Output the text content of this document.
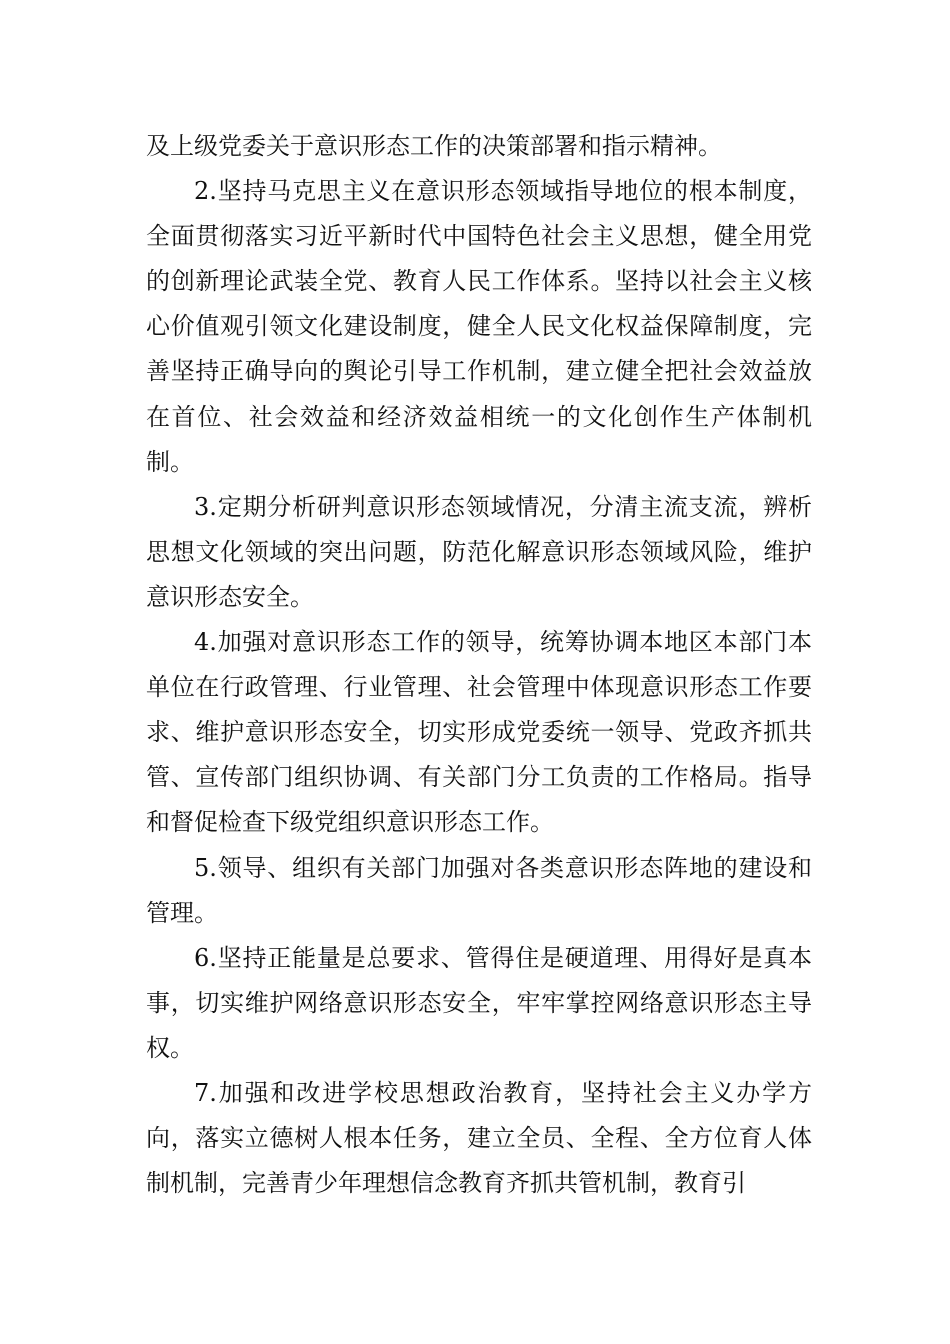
及上级党委关于意识形态工作的决策部署和指示精神。

2.坚持马克思主义在意识形态领域指导地位的根本制度，全面贯彻落实习近平新时代中国特色社会主义思想，健全用党的创新理论武装全党、教育人民工作体系。坚持以社会主义核心价值观引领文化建设制度，健全人民文化权益保障制度，完善坚持正确导向的舆论引导工作机制，建立健全把社会效益放在首位、社会效益和经济效益相统一的文化创作生产体制机制。

3.定期分析研判意识形态领域情况，分清主流支流，辨析思想文化领域的突出问题，防范化解意识形态领域风险，维护意识形态安全。

4.加强对意识形态工作的领导，统筹协调本地区本部门本单位在行政管理、行业管理、社会管理中体现意识形态工作要求、维护意识形态安全，切实形成党委统一领导、党政齐抓共管、宣传部门组织协调、有关部门分工负责的工作格局。指导和督促检查下级党组织意识形态工作。

5.领导、组织有关部门加强对各类意识形态阵地的建设和管理。

6.坚持正能量是总要求、管得住是硬道理、用得好是真本事，切实维护网络意识形态安全，牢牢掌控网络意识形态主导权。

7.加强和改进学校思想政治教育，坚持社会主义办学方向，落实立德树人根本任务，建立全员、全程、全方位育人体制机制，完善青少年理想信念教育齐抓共管机制，教育引
